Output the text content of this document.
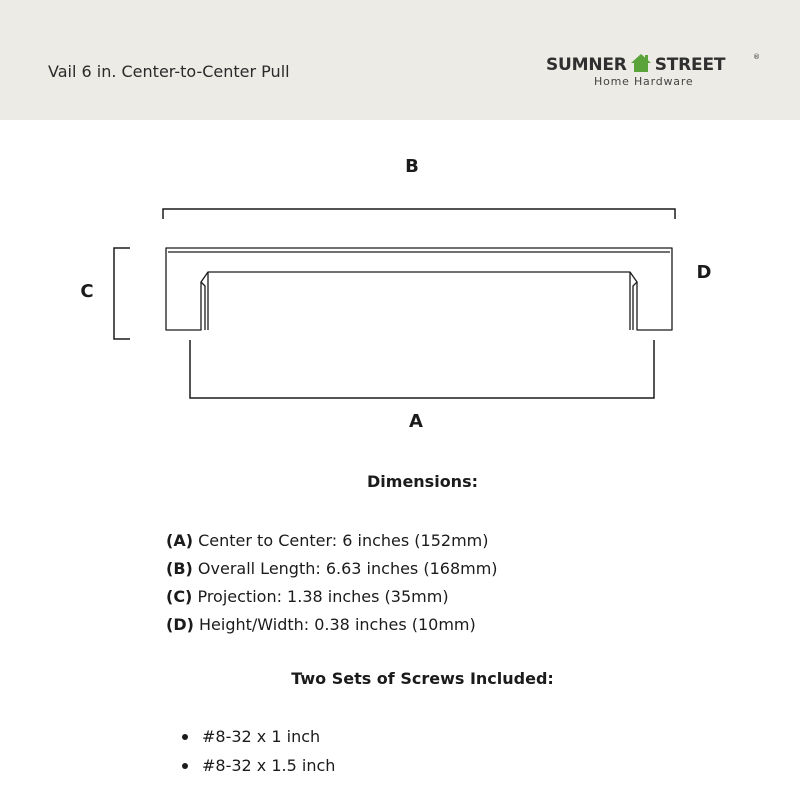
Vail 6 in. Center-to-Center Pull	SUMNER STREET	®
Home Hardware
B
C
D
A
Dimensions:
(A) Center to Center: 6 inches (152mm)
(B) Overall Length: 6.63 inches (168mm)
(C) Projection: 1.38 inches (35mm)
(D) Height/Width: 0.38 inches (10mm)
Two Sets of Screws Included:
#8-32 x 1 inch
#8-32 x 1.5 inch
